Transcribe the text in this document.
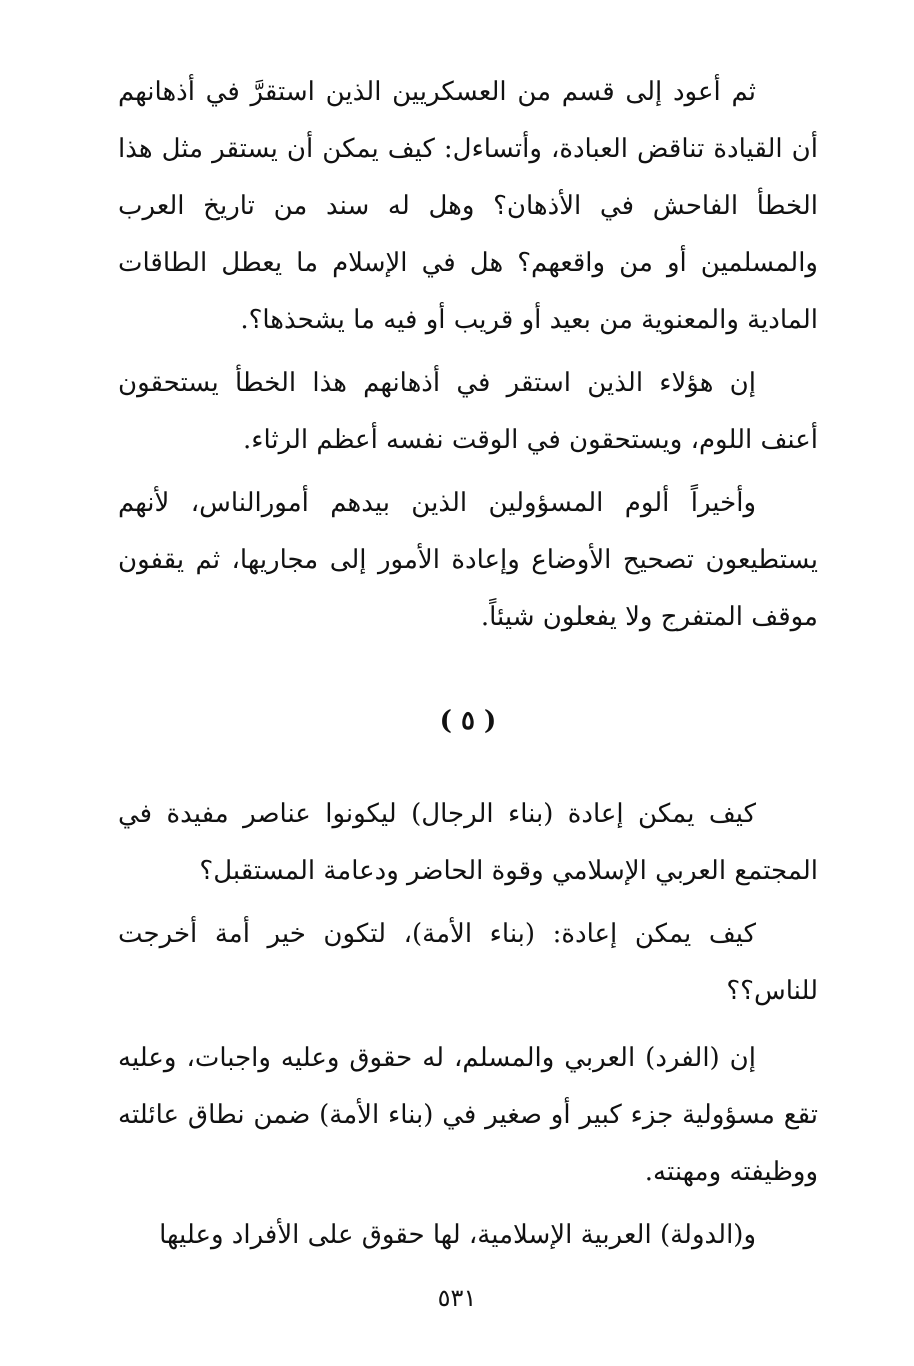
ثم أعود إلى قسم من العسكريين الذين استقرَّ في أذهانهم أن القيادة تناقض العبادة، وأتساءل: كيف يمكن أن يستقر مثل هذا الخطأ الفاحش في الأذهان؟ وهل له سند من تاريخ العرب والمسلمين أو من واقعهم؟ هل في الإسلام ما يعطل الطاقات المادية والمعنوية من بعيد أو قريب أو فيه ما يشحذها؟.

إن هؤلاء الذين استقر في أذهانهم هذا الخطأ يستحقون أعنف اللوم، ويستحقون في الوقت نفسه أعظم الرثاء.

وأخيراً ألوم المسؤولين الذين بيدهم أمورالناس، لأنهم يستطيعون تصحيح الأوضاع وإعادة الأمور إلى مجاريها، ثم يقفون موقف المتفرج ولا يفعلون شيئاً.

( ٥ )

كيف يمكن إعادة (بناء الرجال) ليكونوا عناصر مفيدة في المجتمع العربي الإسلامي وقوة الحاضر ودعامة المستقبل؟

كيف يمكن إعادة: (بناء الأمة)، لتكون خير أمة أخرجت للناس؟؟

إن (الفرد) العربي والمسلم، له حقوق وعليه واجبات، وعليه تقع مسؤولية جزء كبير أو صغير في (بناء الأمة) ضمن نطاق عائلته ووظيفته ومهنته.

و(الدولة) العربية الإسلامية، لها حقوق على الأفراد وعليها

٥٣١
